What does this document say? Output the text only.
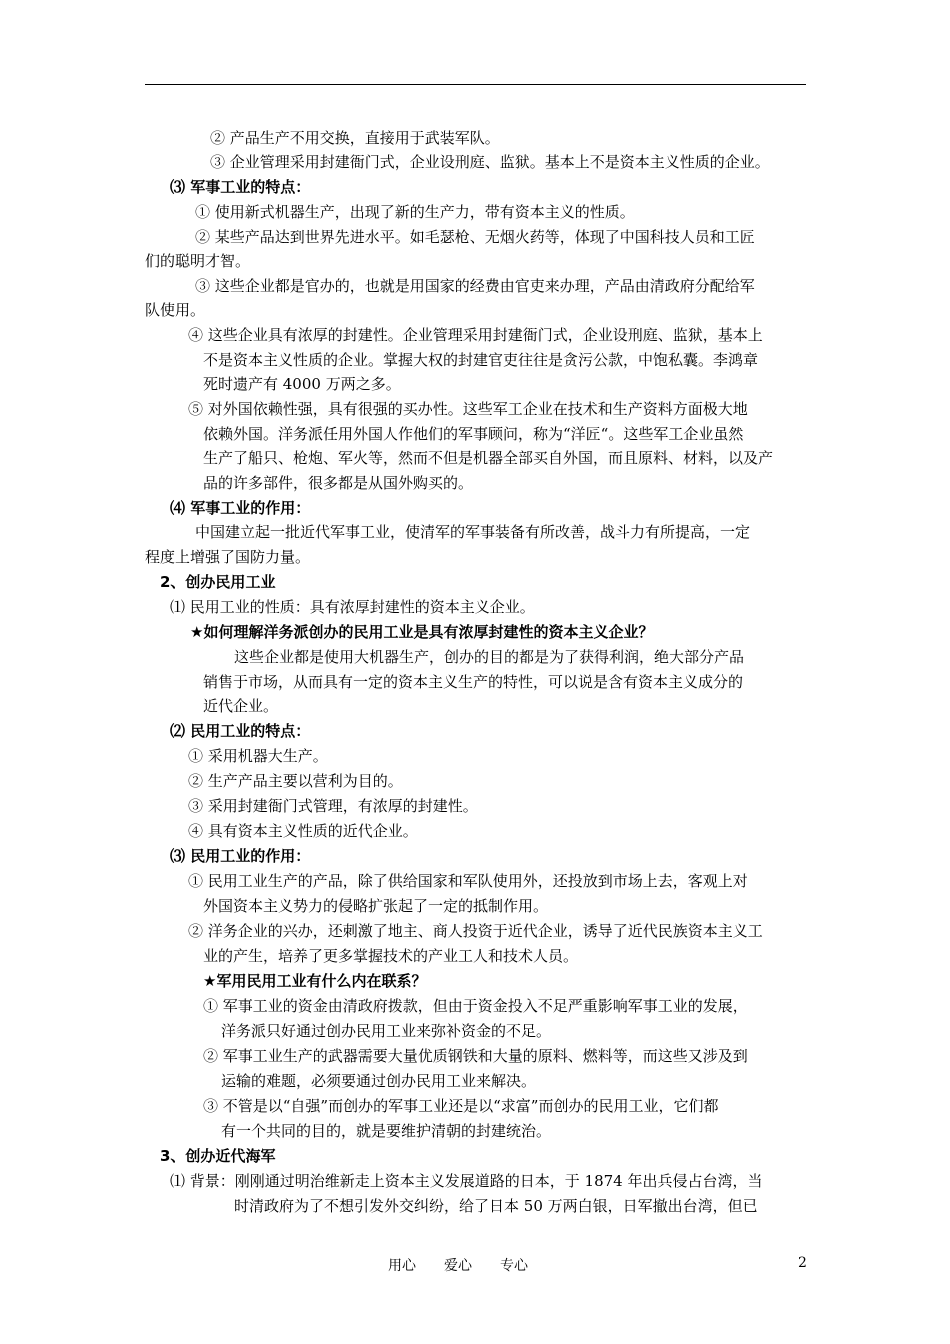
② 产品生产不用交换，直接用于武装军队。
③ 企业管理采用封建衙门式，企业设刑庭、监狱。基本上不是资本主义性质的企业。
⑶ 军事工业的特点：
① 使用新式机器生产，出现了新的生产力，带有资本主义的性质。
② 某些产品达到世界先进水平。如毛瑟枪、无烟火药等，体现了中国科技人员和工匠
们的聪明才智。
③ 这些企业都是官办的，也就是用国家的经费由官吏来办理，产品由清政府分配给军
队使用。
④ 这些企业具有浓厚的封建性。企业管理采用封建衙门式，企业设刑庭、监狱，基本上
不是资本主义性质的企业。掌握大权的封建官吏往往是贪污公款，中饱私囊。李鸿章
死时遗产有 4000 万两之多。
⑤ 对外国依赖性强，具有很强的买办性。这些军工企业在技术和生产资料方面极大地
依赖外国。洋务派任用外国人作他们的军事顾问，称为“洋匠“。这些军工企业虽然
生产了船只、枪炮、军火等，然而不但是机器全部买自外国，而且原料、材料，以及产
品的许多部件，很多都是从国外购买的。
⑷ 军事工业的作用：
中国建立起一批近代军事工业，使清军的军事装备有所改善，战斗力有所提高，一定
程度上增强了国防力量。
2、创办民用工业
⑴ 民用工业的性质：具有浓厚封建性的资本主义企业。
★如何理解洋务派创办的民用工业是具有浓厚封建性的资本主义企业？
这些企业都是使用大机器生产，创办的目的都是为了获得利润，绝大部分产品
销售于市场，从而具有一定的资本主义生产的特性，可以说是含有资本主义成分的
近代企业。
⑵ 民用工业的特点：
① 采用机器大生产。
② 生产产品主要以营利为目的。
③ 采用封建衙门式管理，有浓厚的封建性。
④ 具有资本主义性质的近代企业。
⑶ 民用工业的作用：
① 民用工业生产的产品，除了供给国家和军队使用外，还投放到市场上去，客观上对
外国资本主义势力的侵略扩张起了一定的抵制作用。
② 洋务企业的兴办，还刺激了地主、商人投资于近代企业，诱导了近代民族资本主义工
业的产生，培养了更多掌握技术的产业工人和技术人员。
★军用民用工业有什么内在联系？
① 军事工业的资金由清政府拨款，但由于资金投入不足严重影响军事工业的发展，
洋务派只好通过创办民用工业来弥补资金的不足。
② 军事工业生产的武器需要大量优质钢铁和大量的原料、燃料等，而这些又涉及到
运输的难题，必须要通过创办民用工业来解决。
③ 不管是以“自强”而创办的军事工业还是以“求富”而创办的民用工业，它们都
有一个共同的目的，就是要维护清朝的封建统治。
3、创办近代海军
⑴ 背景：刚刚通过明治维新走上资本主义发展道路的日本，于 1874 年出兵侵占台湾，当
时清政府为了不想引发外交纠纷，给了日本 50 万两白银，日军撤出台湾，但已
用心　　爱心　　专心	2
